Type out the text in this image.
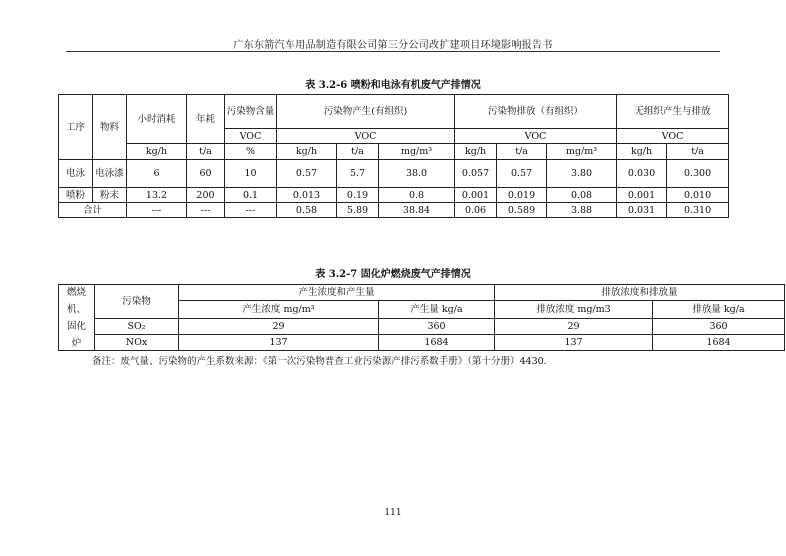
广东东箭汽车用品制造有限公司第三分公司改扩建项目环境影响报告书
表 3.2-6 喷粉和电泳有机废气产排情况
工序	物料	小时消耗	年耗	污染物含量	污染物产生(有组织)			污染物排放（有组织）			无组织产生与排放	
				VOC	VOC			VOC			VOC	
		kg/h	t/a	%	kg/h	t/a	mg/m³	kg/h	t/a	mg/m³	kg/h	t/a
电泳	电泳漆	6	60	10	0.57	5.7	38.0	0.057	0.57	3.80	0.030	0.300
喷粉	粉末	13.2	200	0.1	0.013	0.19	0.8	0.001	0.019	0.08	0.001	0.010
合计		---	---	---	0.58	5.89	38.84	0.06	0.589	3.88	0.031	0.310
表 3.2-7 固化炉燃烧废气产排情况
燃烧
机、
固化
炉	污染物	产生浓度和产生量		排放浓度和排放量	
		产生浓度 mg/m³	产生量 kg/a	排放浓度 mg/m3	排放量 kg/a
	SO₂	29	360	29	360
	NOx	137	1684	137	1684
备注：废气量、污染物的产生系数来源：《第一次污染物普查工业污染源产排污系数手册》（第十分册）4430.
111
